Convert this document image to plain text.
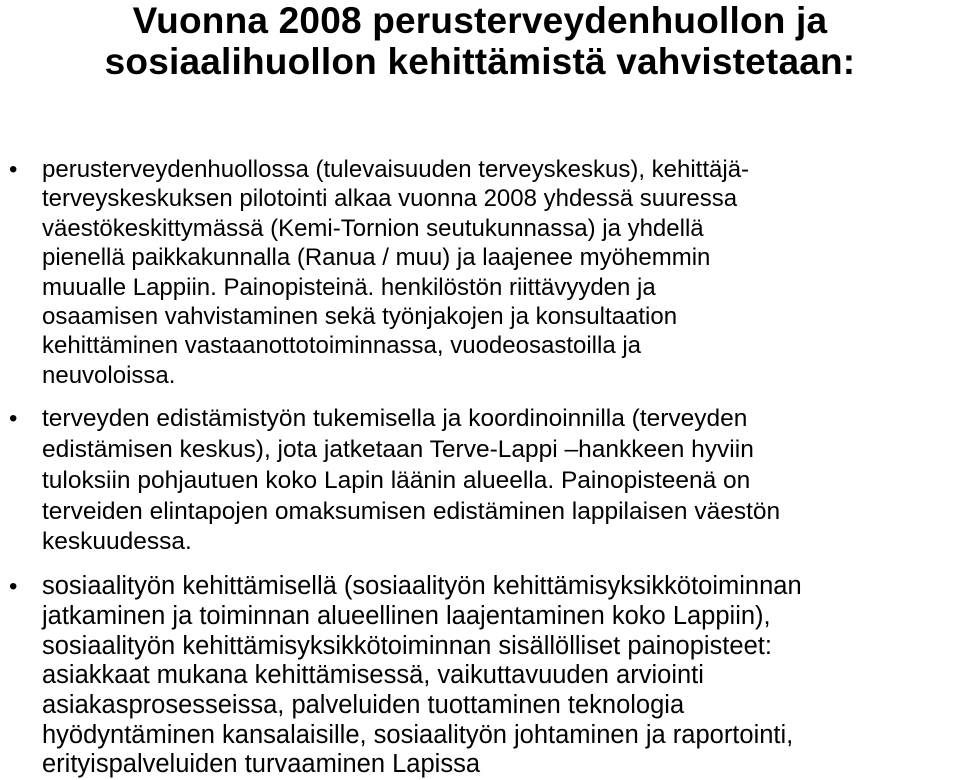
Vuonna 2008 perusterveydenhuollon ja
sosiaalihuollon kehittämistä vahvistetaan:
• perusterveydenhuollossa (tulevaisuuden terveyskeskus), kehittäjä-
terveyskeskuksen pilotointi alkaa vuonna 2008 yhdessä suuressa
väestökeskittymässä (Kemi-Tornion seutukunnassa) ja yhdellä
pienellä paikkakunnalla (Ranua / muu) ja laajenee myöhemmin
muualle Lappiin. Painopisteinä. henkilöstön riittävyyden ja
osaamisen vahvistaminen sekä työnjakojen ja konsultaation
kehittäminen vastaanottotoiminnassa, vuodeosastoilla ja
neuvoloissa.
• terveyden edistämistyön tukemisella ja koordinoinnilla (terveyden
edistämisen keskus), jota jatketaan Terve-Lappi –hankkeen hyviin
tuloksiin pohjautuen koko Lapin läänin alueella. Painopisteenä on
terveiden elintapojen omaksumisen edistäminen lappilaisen väestön
keskuudessa.
• sosiaalityön kehittämisellä (sosiaalityön kehittämisyksikkötoiminnan
jatkaminen ja toiminnan alueellinen laajentaminen koko Lappiin),
sosiaalityön kehittämisyksikkötoiminnan sisällölliset painopisteet:
asiakkaat mukana kehittämisessä, vaikuttavuuden arviointi
asiakasprosesseissa, palveluiden tuottaminen teknologia
hyödyntäminen kansalaisille, sosiaalityön johtaminen ja raportointi,
erityispalveluiden turvaaminen Lapissa
